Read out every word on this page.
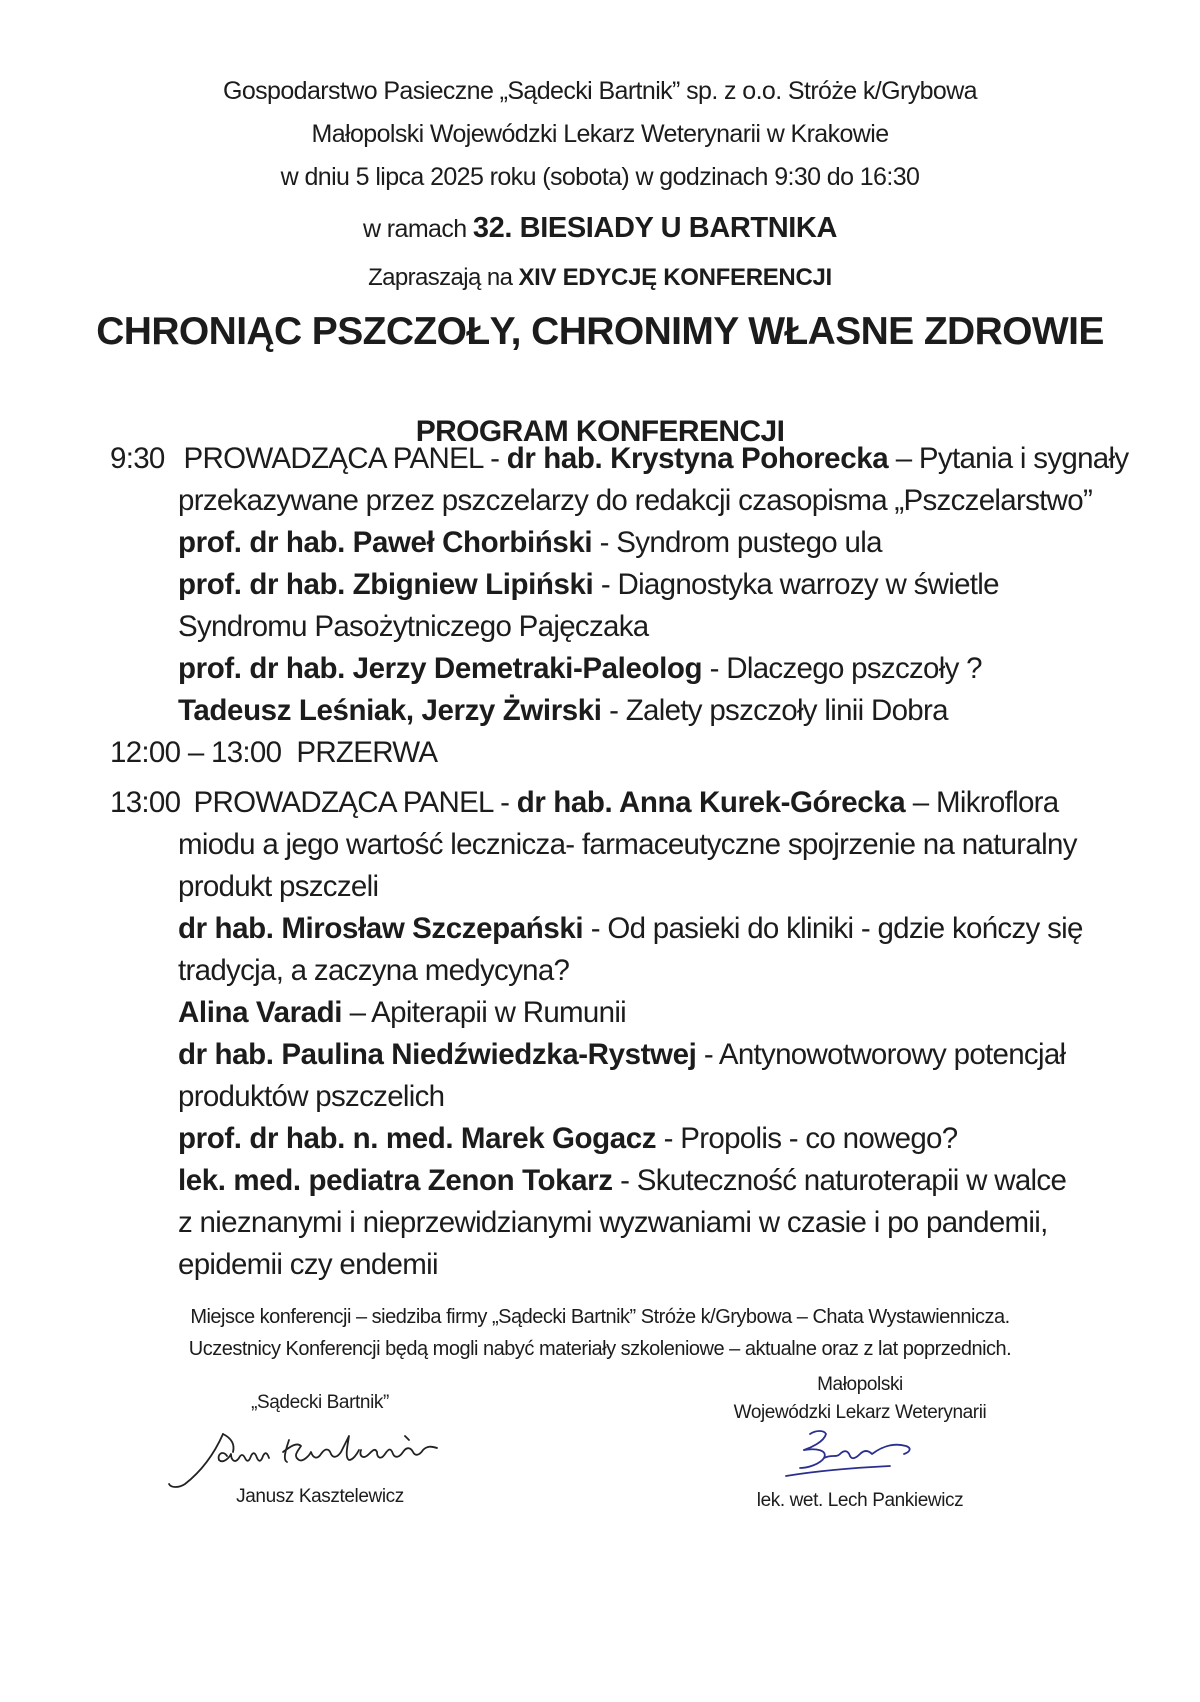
Gospodarstwo Pasieczne „Sądecki Bartnik” sp. z o.o. Stróże k/Grybowa
Małopolski Wojewódzki Lekarz Weterynarii w Krakowie
w dniu 5 lipca 2025 roku (sobota) w godzinach 9:30 do 16:30
w ramach 32. BIESIADY U BARTNIKA
Zapraszają na XIV EDYCJĘ KONFERENCJI
CHRONIĄC PSZCZOŁY, CHRONIMY WŁASNE ZDROWIE
PROGRAM KONFERENCJI
9:30 PROWADZĄCA PANEL - dr hab. Krystyna Pohorecka – Pytania i sygnały
przekazywane przez pszczelarzy do redakcji czasopisma „Pszczelarstwo”
prof. dr hab. Paweł Chorbiński - Syndrom pustego ula
prof. dr hab. Zbigniew Lipiński - Diagnostyka warrozy w świetle
Syndromu Pasożytniczego Pajęczaka
prof. dr hab. Jerzy Demetraki-Paleolog - Dlaczego pszczoły ?
Tadeusz Leśniak, Jerzy Żwirski - Zalety pszczoły linii Dobra
12:00 – 13:00 PRZERWA
13:00 PROWADZĄCA PANEL - dr hab. Anna Kurek-Górecka – Mikroflora
miodu a jego wartość lecznicza- farmaceutyczne spojrzenie na naturalny
produkt pszczeli
dr hab. Mirosław Szczepański - Od pasieki do kliniki - gdzie kończy się
tradycja, a zaczyna medycyna?
Alina Varadi – Apiterapii w Rumunii
dr hab. Paulina Niedźwiedzka-Rystwej - Antynowotworowy potencjał
produktów pszczelich
prof. dr hab. n. med. Marek Gogacz - Propolis - co nowego?
lek. med. pediatra Zenon Tokarz - Skuteczność naturoterapii w walce
z nieznanymi i nieprzewidzianymi wyzwaniami w czasie i po pandemii,
epidemii czy endemii
Miejsce konferencji – siedziba firmy „Sądecki Bartnik” Stróże k/Grybowa – Chata Wystawiennicza.
Uczestnicy Konferencji będą mogli nabyć materiały szkoleniowe – aktualne oraz z lat poprzednich.
„Sądecki Bartnik”
Janusz Kasztelewicz
Małopolski
Wojewódzki Lekarz Weterynarii
lek. wet. Lech Pankiewicz
